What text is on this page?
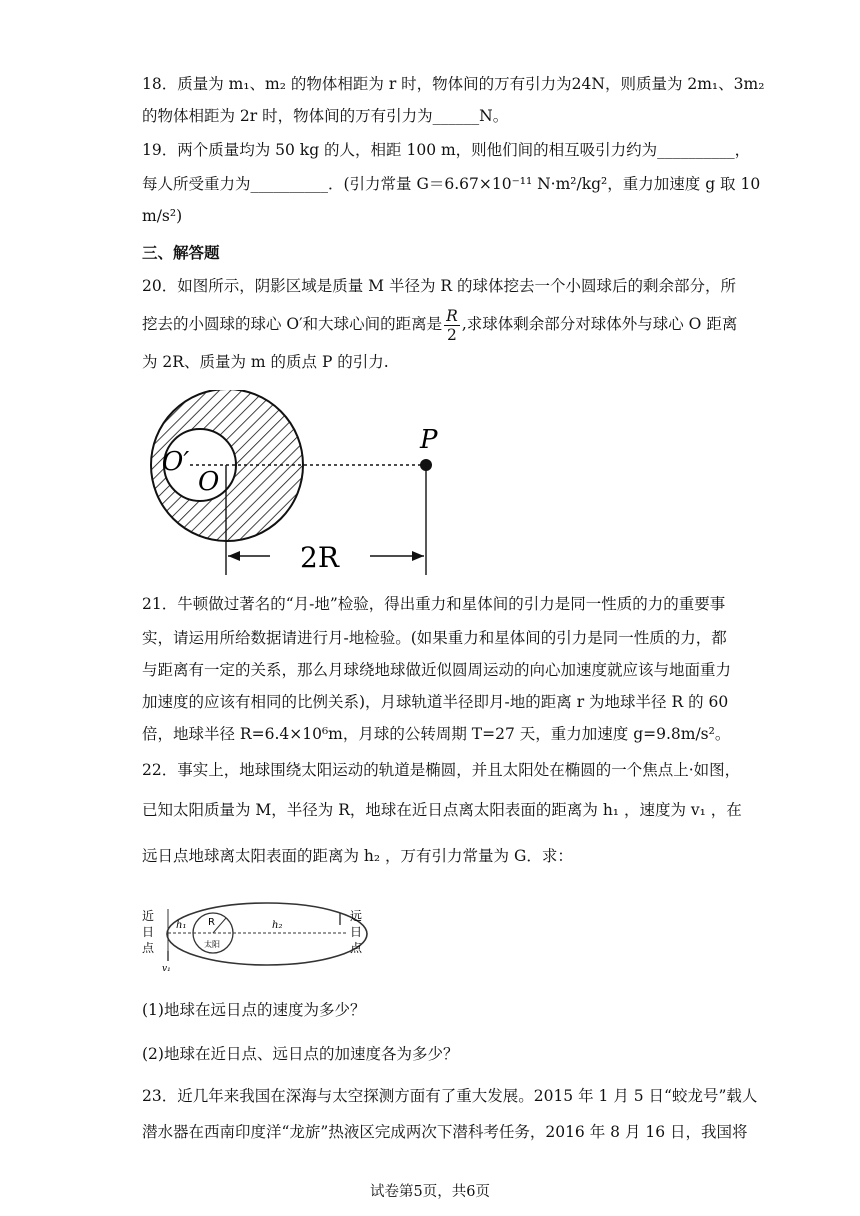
18．质量为 m₁、m₂ 的物体相距为 r 时，物体间的万有引力为24N，则质量为 2m₁、3m₂
的物体相距为 2r 时，物体间的万有引力为______N。
19．两个质量均为 50 kg 的人，相距 100 m，则他们间的相互吸引力约为__________，
每人所受重力为__________．(引力常量 G＝6.67×10⁻¹¹ N·m²/kg²，重力加速度 g 取 10
m/s²)
三、解答题
20．如图所示，阴影区域是质量 M 半径为 R 的球体挖去一个小圆球后的剩余部分，所
挖去的小圆球的球心 O′和大球心间的距离是 $\frac{R}{2}$ ,求球体剩余部分对球体外与球心 O 距离
为 2R、质量为 m 的质点 P 的引力.
P
O′
O
2R
21．牛顿做过著名的“月-地”检验，得出重力和星体间的引力是同一性质的力的重要事
实，请运用所给数据请进行月-地检验。(如果重力和星体间的引力是同一性质的力，都
与距离有一定的关系，那么月球绕地球做近似圆周运动的向心加速度就应该与地面重力
加速度的应该有相同的比例关系)，月球轨道半径即月-地的距离 r 为地球半径 R 的 60
倍，地球半径 R=6.4×10⁶m，月球的公转周期 T=27 天，重力加速度 g=9.8m/s²。
22．事实上，地球围绕太阳运动的轨道是椭圆，并且太阳处在椭圆的一个焦点上·如图，
已知太阳质量为 M，半径为 R，地球在近日点离太阳表面的距离为 h₁ ，速度为 v₁ ，在
远日点地球离太阳表面的距离为 h₂ ，万有引力常量为 G．求：
近
日
点
远
日
点
h₁	h₂
R
太阳
v₁
(1)地球在远日点的速度为多少？
(2)地球在近日点、远日点的加速度各为多少？
23．近几年来我国在深海与太空探测方面有了重大发展。2015 年 1 月 5 日“蛟龙号”载人
潜水器在西南印度洋“龙旂”热液区完成两次下潜科考任务，2016 年 8 月 16 日，我国将
试卷第5页，共6页
